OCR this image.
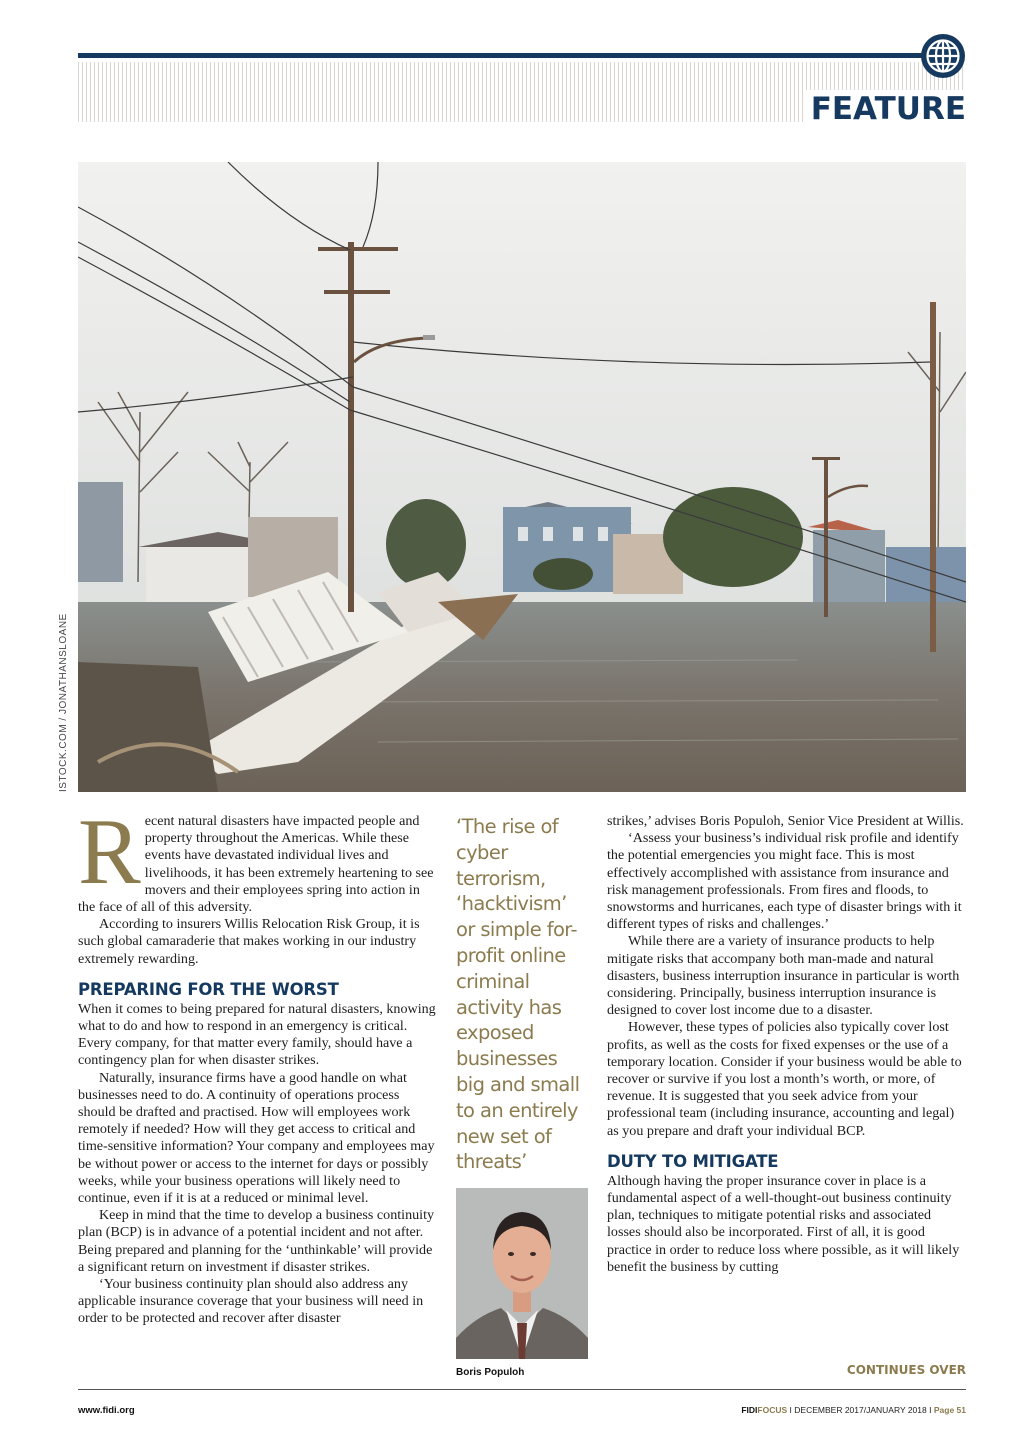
FEATURE
ISTOCK.COM / JONATHANSLOANE
R ecent natural disasters have impacted people and property throughout the Americas. While these events have devastated individual lives and livelihoods, it has been extremely heartening to see movers and their employees spring into action in the face of all of this adversity.

According to insurers Willis Relocation Risk Group, it is such global camaraderie that makes working in our industry extremely rewarding.

PREPARING FOR THE WORST

When it comes to being prepared for natural disasters, knowing what to do and how to respond in an emergency is critical. Every company, for that matter every family, should have a contingency plan for when disaster strikes.

Naturally, insurance firms have a good handle on what businesses need to do. A continuity of operations process should be drafted and practised. How will employees work remotely if needed? How will they get access to critical and time-sensitive information? Your company and employees may be without power or access to the internet for days or possibly weeks, while your business operations will likely need to continue, even if it is at a reduced or minimal level.

Keep in mind that the time to develop a business continuity plan (BCP) is in advance of a potential incident and not after. Being prepared and planning for the ‘unthinkable’ will provide a significant return on investment if disaster strikes.

‘Your business continuity plan should also address any applicable insurance coverage that your business will need in order to be protected and recover after disaster

‘The rise of cyber terrorism, ‘hacktivism’ or simple for-profit online criminal activity has exposed businesses big and small to an entirely new set of threats’
Boris Populoh

strikes,’ advises Boris Populoh, Senior Vice President at Willis.

‘Assess your business’s individual risk profile and identify the potential emergencies you might face. This is most effectively accomplished with assistance from insurance and risk management professionals. From fires and floods, to snowstorms and hurricanes, each type of disaster brings with it different types of risks and challenges.’

While there are a variety of insurance products to help mitigate risks that accompany both man-made and natural disasters, business interruption insurance in particular is worth considering. Principally, business interruption insurance is designed to cover lost income due to a disaster.

However, these types of policies also typically cover lost profits, as well as the costs for fixed expenses or the use of a temporary location. Consider if your business would be able to recover or survive if you lost a month’s worth, or more, of revenue. It is suggested that you seek advice from your professional team (including insurance, accounting and legal) as you prepare and draft your individual BCP.

DUTY TO MITIGATE

Although having the proper insurance cover in place is a fundamental aspect of a well-thought-out business continuity plan, techniques to mitigate potential risks and associated losses should also be incorporated. First of all, it is good practice in order to reduce loss where possible, as it will likely benefit the business by cutting

CONTINUES OVER
www.fidi.org	FIDIFOCUS I DECEMBER 2017/JANUARY 2018 I Page 51
